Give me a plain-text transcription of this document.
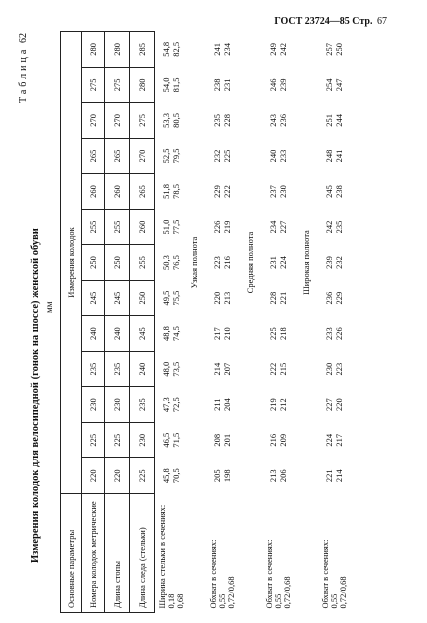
ГОСТ 23724—85 Стр. 67
Измерения колодок для велосипедной (гонок на шоссе) женской обуви мм
Таблица
62
Основные параметры	Измерения колодок												
Номера колодок метрические	220	225	230	235	240	245	250	255	260	265	270	275	280
Длина стопы	220	225	230	235	240	245	250	255	260	265	270	275	280
Длина следа (стельки)	225	230	235	240	245	250	255	260	265	270	275	280	285

Ширина стельки в сечениях: 0,18 0,68	45,8 70,5	46,5 71,5	47,3 72,5	48,0 73,5	48,8 74,5	49,5 75,5	50,3 76,5	51,0 77,5	51,8 78,5	52,5 79,5	53,3 80,5	54,0 81,5	54,8 82,5

	Узкая полнота												

Обхват в сечениях: 0,55 0,72/0,68	205 198	208 201	211 204	214 207	217 210	220 213	223 216	226 219	229 222	232 225	235 228	238 231	241 234

	Средняя полнота												

Обхват в сечениях: 0,55 0,72/0,68	213 206	216 209	219 212	222 215	225 218	228 221	231 224	234 227	237 230	240 233	243 236	246 239	249 242

	Широкая полнота												

Обхват в сечениях: 0,55 0,72/0,68	221 214	224 217	227 220	230 223	233 226	236 229	239 232	242 235	245 238	248 241	251 244	254 247	257 250
